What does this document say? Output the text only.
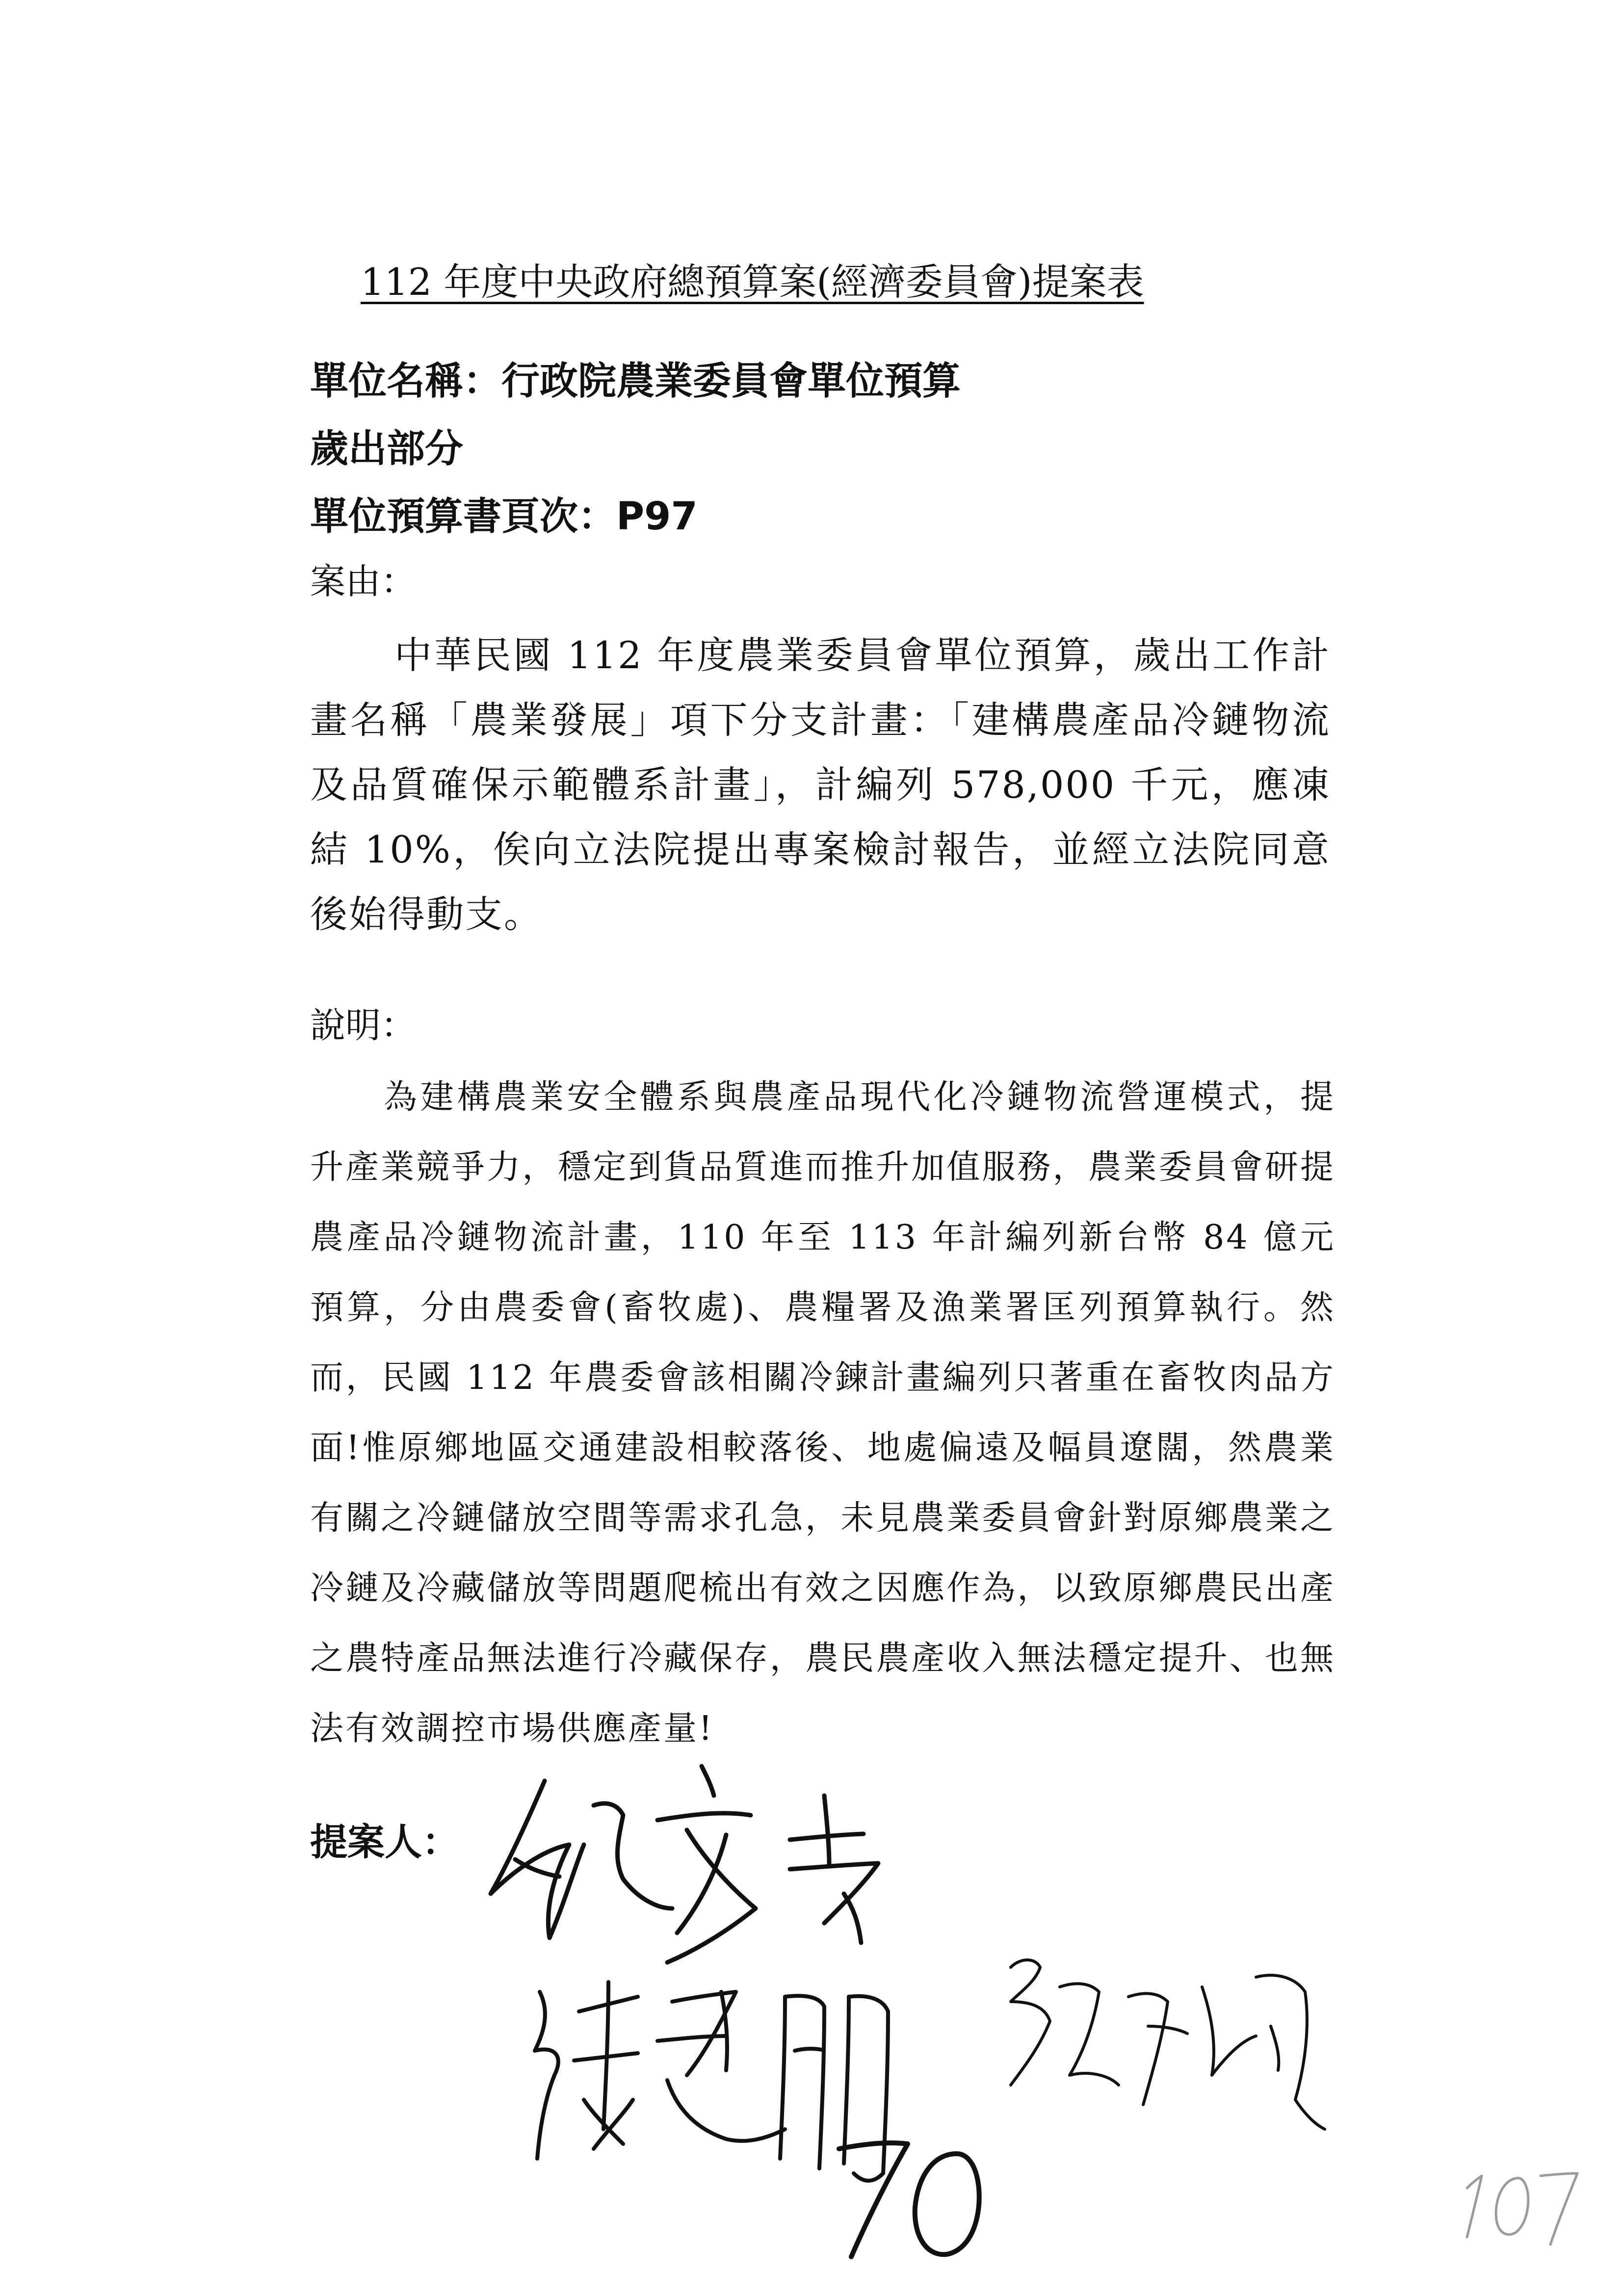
112 年度中央政府總預算案(經濟委員會)提案表
單位名稱：行政院農業委員會單位預算
歲出部分
單位預算書頁次：P97
案由：
中華民國 112 年度農業委員會單位預算，歲出工作計畫名稱「農業發展」項下分支計畫：「建構農產品冷鏈物流及品質確保示範體系計畫」，計編列 578,000 千元，應凍結 10%，俟向立法院提出專案檢討報告，並經立法院同意後始得動支。
說明：
為建構農業安全體系與農產品現代化冷鏈物流營運模式，提升產業競爭力，穩定到貨品質進而推升加值服務，農業委員會研提農產品冷鏈物流計畫，110 年至 113 年計編列新台幣 84 億元預算，分由農委會(畜牧處)、農糧署及漁業署匡列預算執行。然而，民國 112 年農委會該相關冷鍊計畫編列只著重在畜牧肉品方面!惟原鄉地區交通建設相較落後、地處偏遠及幅員遼闊，然農業有關之冷鏈儲放空間等需求孔急，未見農業委員會針對原鄉農業之冷鏈及冷藏儲放等問題爬梳出有效之因應作為，以致原鄉農民出產之農特產品無法進行冷藏保存，農民農產收入無法穩定提升、也無法有效調控市場供應產量!
提案人：
70
107
